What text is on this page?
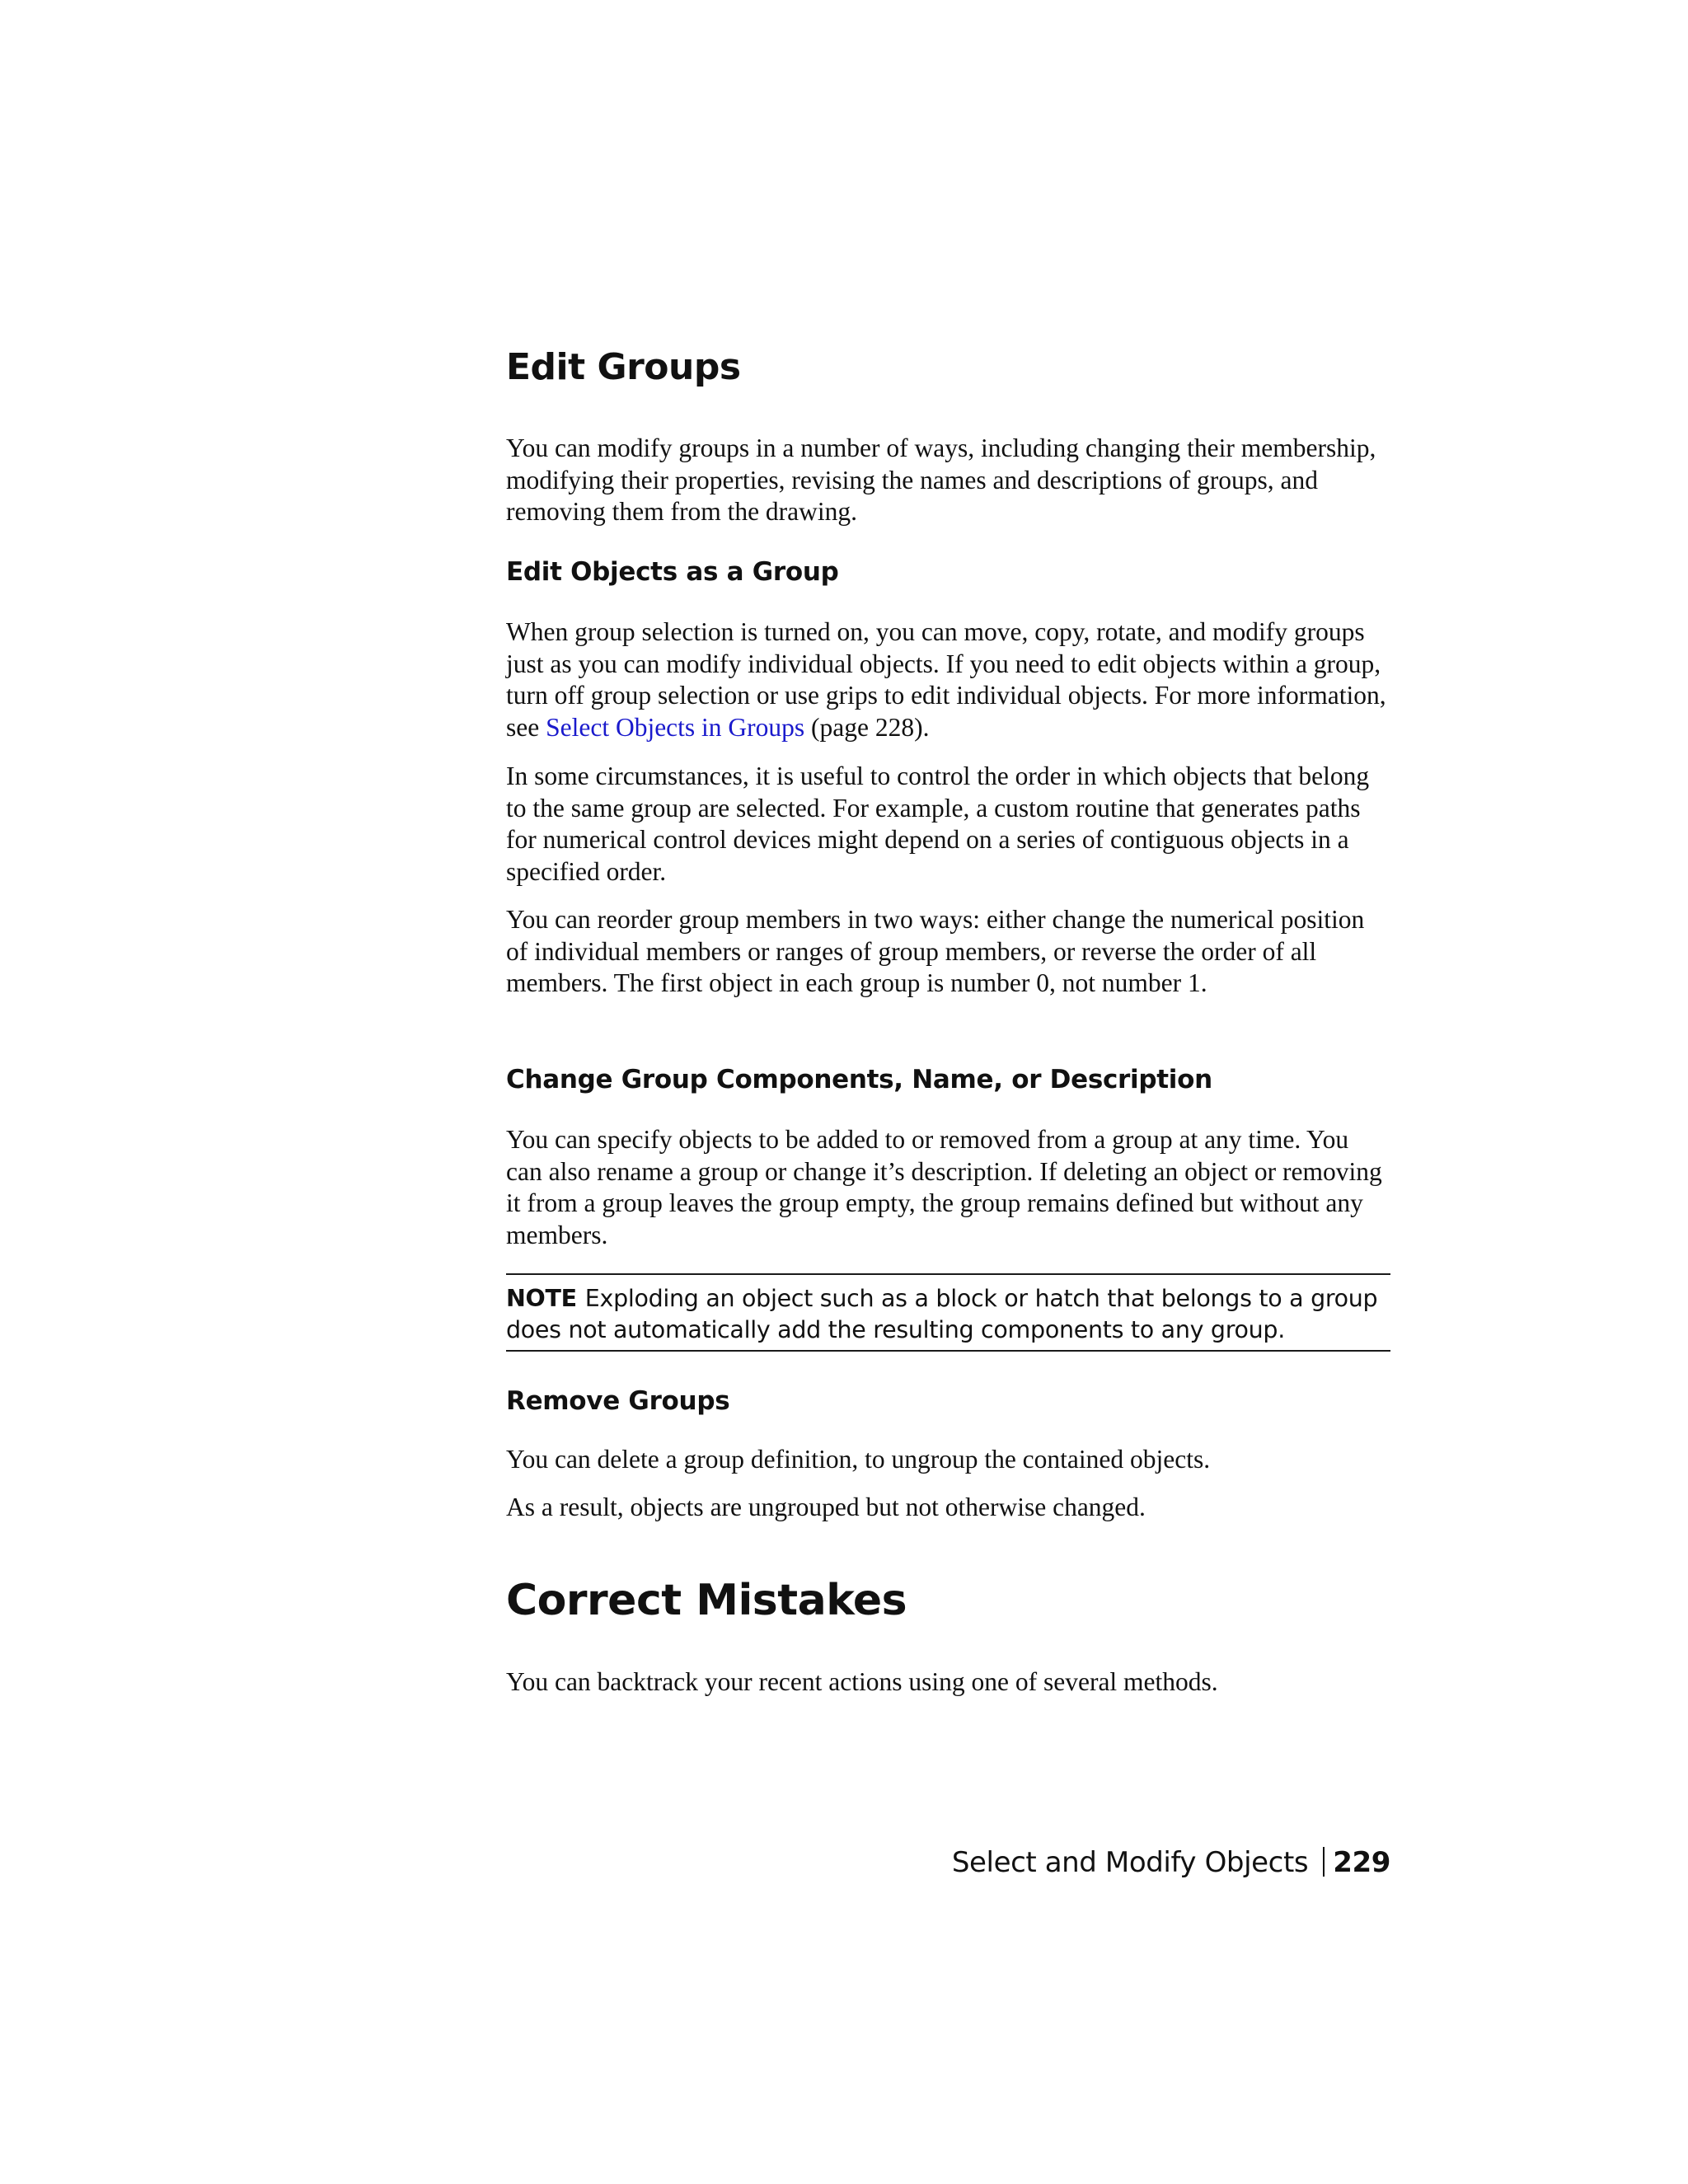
Edit Groups

You can modify groups in a number of ways, including changing their membership, modifying their properties, revising the names and descriptions of groups, and removing them from the drawing.

Edit Objects as a Group

When group selection is turned on, you can move, copy, rotate, and modify groups just as you can modify individual objects. If you need to edit objects within a group, turn off group selection or use grips to edit individual objects. For more information, see Select Objects in Groups (page 228).

In some circumstances, it is useful to control the order in which objects that belong to the same group are selected. For example, a custom routine that generates paths for numerical control devices might depend on a series of contiguous objects in a specified order.

You can reorder group members in two ways: either change the numerical position of individual members or ranges of group members, or reverse the order of all members. The first object in each group is number 0, not number 1.

Change Group Components, Name, or Description

You can specify objects to be added to or removed from a group at any time. You can also rename a group or change it’s description. If deleting an object or removing it from a group leaves the group empty, the group remains defined but without any members.

NOTE Exploding an object such as a block or hatch that belongs to a group does not automatically add the resulting components to any group.

Remove Groups

You can delete a group definition, to ungroup the contained objects.

As a result, objects are ungrouped but not otherwise changed.

Correct Mistakes

You can backtrack your recent actions using one of several methods.

Select and Modify Objects 229
